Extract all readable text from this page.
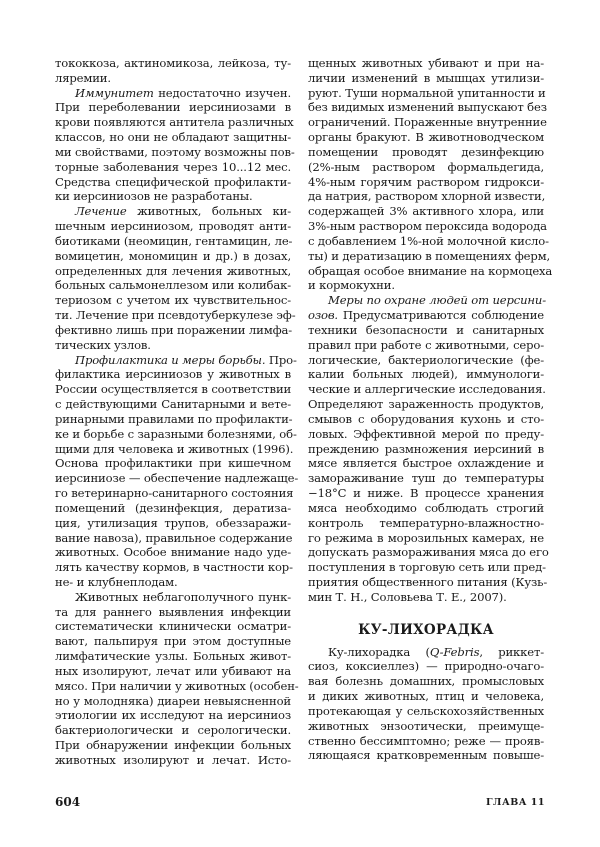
тококкоза, актиномикоза, лейкоза, ту-
ляремии.
Иммунитет недостаточно изучен.
При переболевании иерсиниозами в
крови появляются антитела различных
классов, но они не обладают защитны-
ми свойствами, поэтому возможны пов-
торные заболевания через 10...12 мес.
Средства специфической профилакти-
ки иерсиниозов не разработаны.
Лечение животных, больных ки-
шечным иерсиниозом, проводят анти-
биотиками (неомицин, гентамицин, ле-
вомицетин, мономицин и др.) в дозах,
определенных для лечения животных,
больных сальмонеллезом или колибак-
териозом с учетом их чувствительнос-
ти. Лечение при псевдотуберкулезе эф-
фективно лишь при поражении лимфа-
тических узлов.
Профилактика и меры борьбы. Про-
филактика иерсиниозов у животных в
России осуществляется в соответствии
с действующими Санитарными и вете-
ринарными правилами по профилакти-
ке и борьбе с заразными болезнями, об-
щими для человека и животных (1996).
Основа профилактики при кишечном
иерсиниозе — обеспечение надлежаще-
го ветеринарно-санитарного состояния
помещений (дезинфекция, дератиза-
ция, утилизация трупов, обеззаражи-
вание навоза), правильное содержание
животных. Особое внимание надо уде-
лять качеству кормов, в частности кор-
не- и клубнеплодам.
Животных неблагополучного пунк-
та для раннего выявления инфекции
систематически клинически осматри-
вают, пальпируя при этом доступные
лимфатические узлы. Больных живот-
ных изолируют, лечат или убивают на
мясо. При наличии у животных (особен-
но у молодняка) диареи невыясненной
этиологии их исследуют на иерсиниоз
бактериологически и серологически.
При обнаружении инфекции больных
животных изолируют и лечат. Исто-
щенных животных убивают и при на-
личии изменений в мышцах утилизи-
руют. Туши нормальной упитанности и
без видимых изменений выпускают без
ограничений. Пораженные внутренние
органы бракуют. В животноводческом
помещении проводят дезинфекцию
(2%-ным раствором формальдегида,
4%-ным горячим раствором гидрокси-
да натрия, раствором хлорной извести,
содержащей 3% активного хлора, или
3%-ным раствором пероксида водорода
с добавлением 1%-ной молочной кисло-
ты) и дератизацию в помещениях ферм,
обращая особое внимание на кормоцеха
и кормокухни.
Меры по охране людей от иерсини-
озов. Предусматриваются соблюдение
техники безопасности и санитарных
правил при работе с животными, серо-
логические, бактериологические (фе-
калии больных людей), иммунологи-
ческие и аллергические исследования.
Определяют зараженность продуктов,
смывов с оборудования кухонь и сто-
ловых. Эффективной мерой по преду-
преждению размножения иерсиний в
мясе является быстрое охлаждение и
замораживание туш до температуры
−18°C и ниже. В процессе хранения
мяса необходимо соблюдать строгий
контроль температурно-влажностно-
го режима в морозильных камерах, не
допускать размораживания мяса до его
поступления в торговую сеть или пред-
приятия общественного питания (Кузь-
мин Т. Н., Соловьева Т. Е., 2007).
КУ-ЛИХОРАДКА
Ку-лихорадка (Q-Febris, риккет-
сиоз, коксиеллез) — природно-очаго-
вая болезнь домашних, промысловых
и диких животных, птиц и человека,
протекающая у сельскохозяйственных
животных энзоотически, преимуще-
ственно бессимптомно; реже — прояв-
ляющаяся кратковременным повыше-
604	ГЛАВА 11
